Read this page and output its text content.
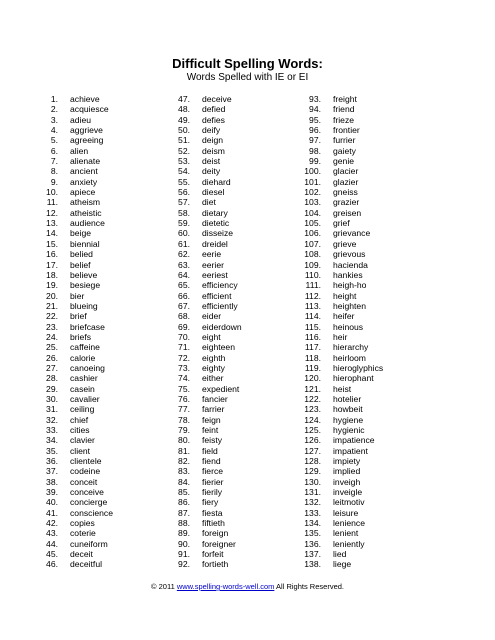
Difficult Spelling Words:
Words Spelled with IE or EI
1.	achieve
2.	acquiesce
3.	adieu
4.	aggrieve
5.	agreeing
6.	alien
7.	alienate
8.	ancient
9.	anxiety
10.	apiece
11.	atheism
12.	atheistic
13.	audience
14.	beige
15.	biennial
16.	belied
17.	belief
18.	believe
19.	besiege
20.	bier
21.	blueing
22.	brief
23.	briefcase
24.	briefs
25.	caffeine
26.	calorie
27.	canoeing
28.	cashier
29.	casein
30.	cavalier
31.	ceiling
32.	chief
33.	cities
34.	clavier
35.	client
36.	clientele
37.	codeine
38.	conceit
39.	conceive
40.	concierge
41.	conscience
42.	copies
43.	coterie
44.	cuneiform
45.	deceit
46.	deceitful
47.	deceive
48.	defied
49.	defies
50.	deify
51.	deign
52.	deism
53.	deist
54.	deity
55.	diehard
56.	diesel
57.	diet
58.	dietary
59.	dietetic
60.	disseize
61.	dreidel
62.	eerie
63.	eerier
64.	eeriest
65.	efficiency
66.	efficient
67.	efficiently
68.	eider
69.	eiderdown
70.	eight
71.	eighteen
72.	eighth
73.	eighty
74.	either
75.	expedient
76.	fancier
77.	farrier
78.	feign
79.	feint
80.	feisty
81.	field
82.	fiend
83.	fierce
84.	fierier
85.	fierily
86.	fiery
87.	fiesta
88.	fiftieth
89.	foreign
90.	foreigner
91.	forfeit
92.	fortieth
93.	freight
94.	friend
95.	frieze
96.	frontier
97.	furrier
98.	gaiety
99.	genie
100.	glacier
101.	glazier
102.	gneiss
103.	grazier
104.	greisen
105.	grief
106.	grievance
107.	grieve
108.	grievous
109.	hacienda
110.	hankies
111.	heigh-ho
112.	height
113.	heighten
114.	heifer
115.	heinous
116.	heir
117.	hierarchy
118.	heirloom
119.	hieroglyphics
120.	hierophant
121.	heist
122.	hotelier
123.	howbeit
124.	hygiene
125.	hygienic
126.	impatience
127.	impatient
128.	impiety
129.	implied
130.	inveigh
131.	inveigle
132.	leitmotiv
133.	leisure
134.	lenience
135.	lenient
136.	leniently
137.	lied
138.	liege
© 2011 www.spelling-words-well.com All Rights Reserved.
